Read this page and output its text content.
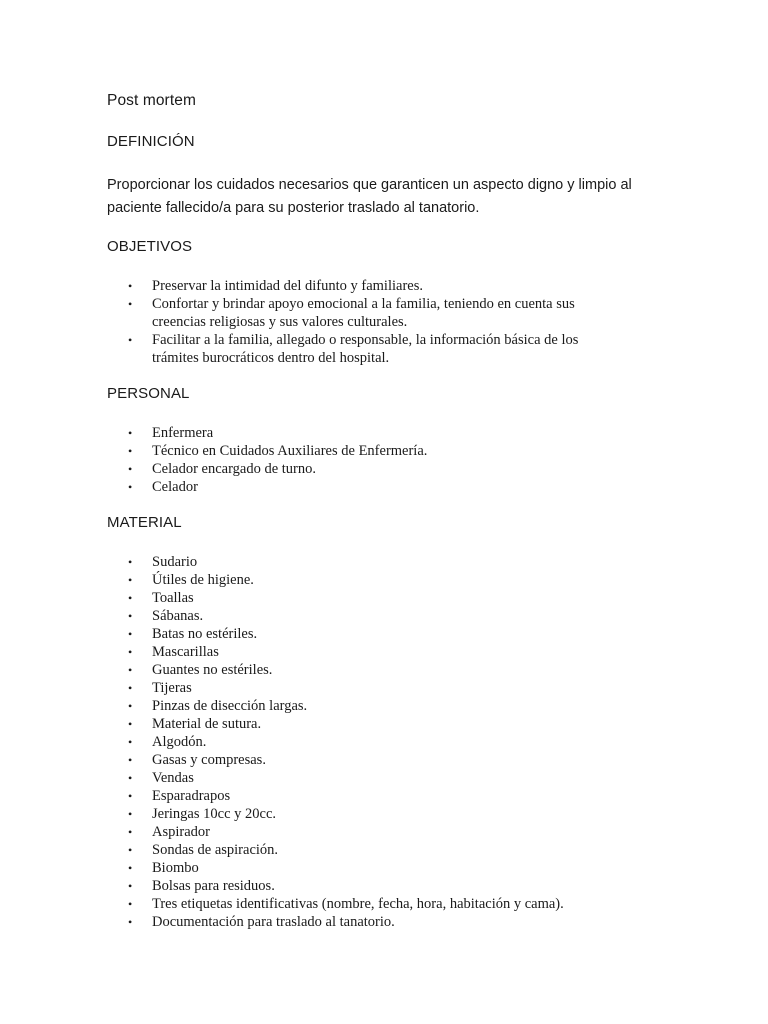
Post mortem
DEFINICIÓN
Proporcionar los cuidados necesarios que garanticen un aspecto digno y limpio al
paciente fallecido/a para su posterior traslado al tanatorio.
OBJETIVOS
• Preservar la intimidad del difunto y familiares.
• Confortar y brindar apoyo emocional a la familia, teniendo en cuenta sus creencias religiosas y sus valores culturales.
• Facilitar a la familia, allegado o responsable, la información básica de los trámites burocráticos dentro del hospital.
PERSONAL
• Enfermera
• Técnico en Cuidados Auxiliares de Enfermería.
• Celador encargado de turno.
• Celador
MATERIAL
• Sudario
• Útiles de higiene.
• Toallas
• Sábanas.
• Batas no estériles.
• Mascarillas
• Guantes no estériles.
• Tijeras
• Pinzas de disección largas.
• Material de sutura.
• Algodón.
• Gasas y compresas.
• Vendas
• Esparadrapos
• Jeringas 10cc y 20cc.
• Aspirador
• Sondas de aspiración.
• Biombo
• Bolsas para residuos.
• Tres etiquetas identificativas (nombre, fecha, hora, habitación y cama).
• Documentación para traslado al tanatorio.
